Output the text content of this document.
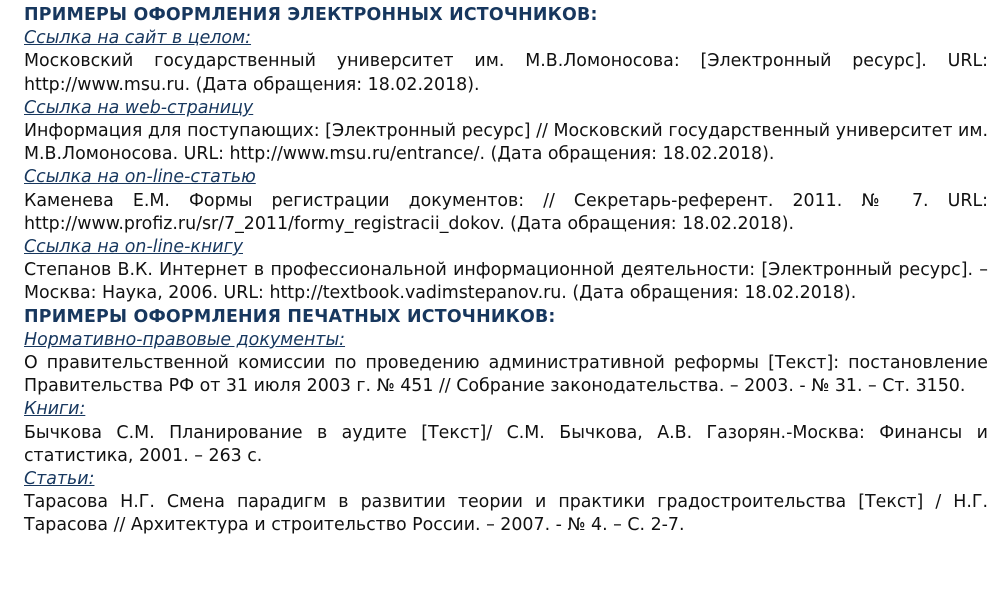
ПРИМЕРЫ ОФОРМЛЕНИЯ ЭЛЕКТРОННЫХ ИСТОЧНИКОВ:
Ссылка на сайт в целом:
Московский государственный университет им. М.В.Ломоносова: [Электронный ресурс]. URL: http://www.msu.ru. (Дата обращения: 18.02.2018).
Ссылка на web-страницу
Информация для поступающих: [Электронный ресурс] // Московский государственный университет им. М.В.Ломоносова. URL: http://www.msu.ru/entrance/. (Дата обращения: 18.02.2018).
Ссылка на on-line-статью
Каменева Е.М. Формы регистрации документов: // Секретарь-референт. 2011. № 7. URL: http://www.profiz.ru/sr/7_2011/formy_registracii_dokov. (Дата обращения: 18.02.2018).
Ссылка на on-line-книгу
Степанов В.К. Интернет в профессиональной информационной деятельности: [Электронный ресурс]. –Москва: Наука, 2006. URL: http://textbook.vadimstepanov.ru. (Дата обращения: 18.02.2018).
ПРИМЕРЫ ОФОРМЛЕНИЯ ПЕЧАТНЫХ ИСТОЧНИКОВ:
Нормативно-правовые документы:
О правительственной комиссии по проведению административной реформы [Текст]: постановление Правительства РФ от 31 июля 2003 г. № 451 // Собрание законодательства. – 2003. - № 31. – Ст. 3150.
Книги:
Бычкова С.М. Планирование в аудите [Текст]/ С.М. Бычкова, А.В. Газорян.-Москва: Финансы и статистика, 2001. – 263 с.
Статьи:
Тарасова Н.Г. Смена парадигм в развитии теории и практики градостроительства [Текст] / Н.Г. Тарасова // Архитектура и строительство России. – 2007. - № 4. – С. 2-7.
